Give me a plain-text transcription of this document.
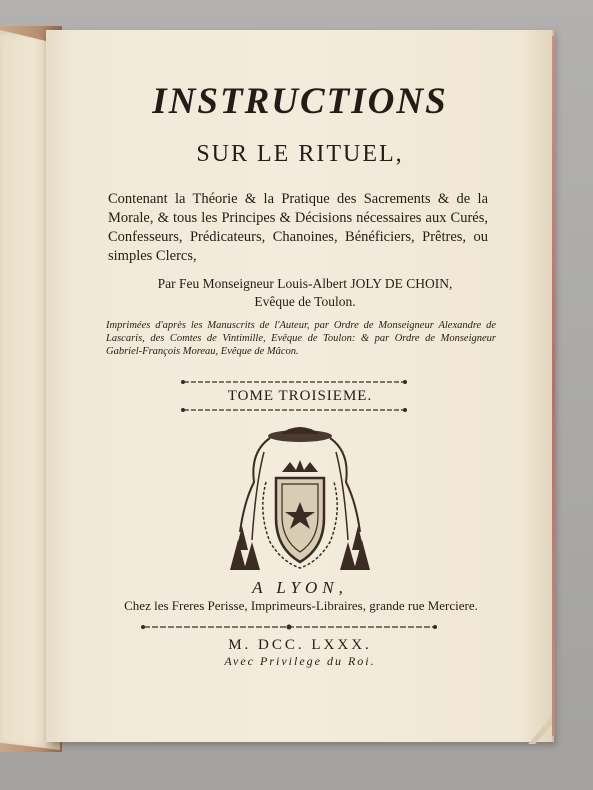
INSTRUCTIONS
SUR LE RITUEL,
Contenant la Théorie & la Pratique des Sacrements & de la Morale, & tous les Principes & Décisions nécessaires aux Curés, Confesseurs, Prédicateurs, Chanoines, Bénéficiers, Prêtres, ou simples Clercs,
Par Feu Monseigneur Louis-Albert JOLY DE CHOIN,
Evêque de Toulon.
Imprimées d'après les Manuscrits de l'Auteur, par Ordre de Monseigneur Alexandre de Lascaris, des Comtes de Vintimille, Evêque de Toulon: & par Ordre de Monseigneur Gabriel-François Moreau, Evêque de Mâcon.
TOME TROISIEME.
A LYON,
Chez les Freres Perisse, Imprimeurs-Libraires, grande rue Merciere.
M. DCC. LXXX.
Avec Privilege du Roi.
